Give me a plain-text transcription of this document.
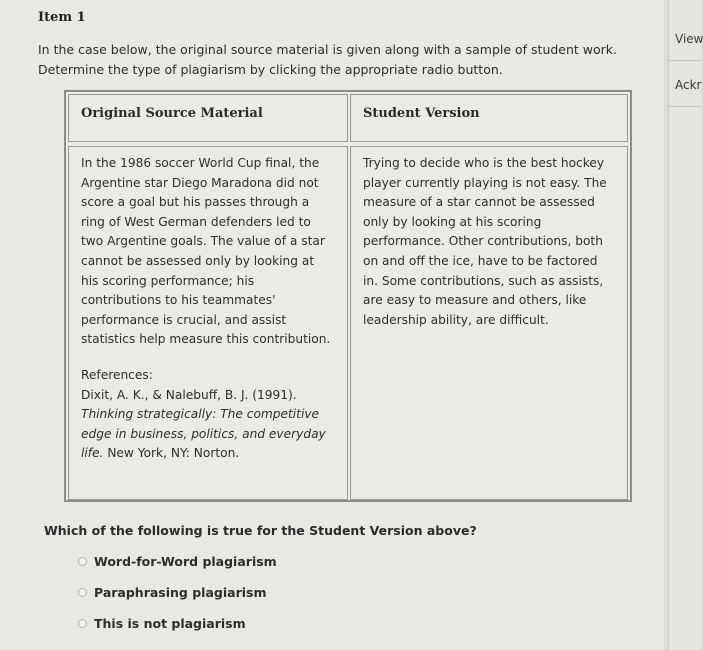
Item 1
In the case below, the original source material is given along with a sample of student work.
Determine the type of plagiarism by clicking the appropriate radio button.
Original Source Material	Student Version
In the 1986 soccer World Cup final, the
Argentine star Diego Maradona did not
score a goal but his passes through a
ring of West German defenders led to
two Argentine goals. The value of a star
cannot be assessed only by looking at
his scoring performance; his
contributions to his teammates'
performance is crucial, and assist
statistics help measure this contribution.
References:
Dixit, A. K., & Nalebuff, B. J. (1991).
Thinking strategically: The competitive
edge in business, politics, and everyday
life. New York, NY: Norton.
Trying to decide who is the best hockey
player currently playing is not easy. The
measure of a star cannot be assessed
only by looking at his scoring
performance. Other contributions, both
on and off the ice, have to be factored
in. Some contributions, such as assists,
are easy to measure and others, like
leadership ability, are difficult.
Which of the following is true for the Student Version above?
Word-for-Word plagiarism
Paraphrasing plagiarism
This is not plagiarism
View
Ackr
